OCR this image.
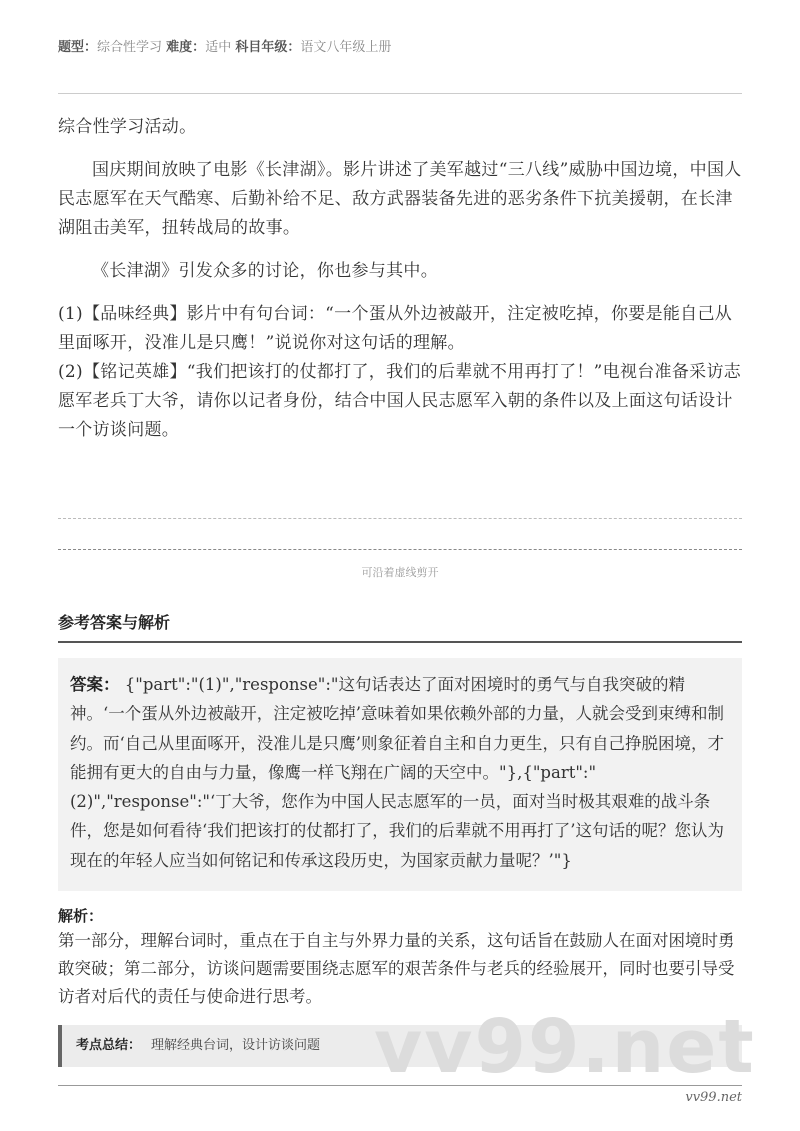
题型：综合性学习 难度：适中 科目年级：语文八年级上册

综合性学习活动。

国庆期间放映了电影《长津湖》。影片讲述了美军越过“三八线”威胁中国边境，中国人民志愿军在天气酷寒、后勤补给不足、敌方武器装备先进的恶劣条件下抗美援朝，在长津湖阻击美军，扭转战局的故事。

《长津湖》引发众多的讨论，你也参与其中。

(1)【品味经典】影片中有句台词：“一个蛋从外边被敲开，注定被吃掉，你要是能自己从里面啄开，没准儿是只鹰！”说说你对这句话的理解。

(2)【铭记英雄】“我们把该打的仗都打了，我们的后辈就不用再打了！”电视台准备采访志愿军老兵丁大爷，请你以记者身份，结合中国人民志愿军入朝的条件以及上面这句话设计一个访谈问题。

可沿着虚线剪开
参考答案与解析
答案： {"part":"(1)","response":"这句话表达了面对困境时的勇气与自我突破的精神。‘一个蛋从外边被敲开，注定被吃掉’意味着如果依赖外部的力量，人就会受到束缚和制约。而‘自己从里面啄开，没准儿是只鹰’则象征着自主和自力更生，只有自己挣脱困境，才能拥有更大的自由与力量，像鹰一样飞翔在广阔的天空中。"},{"part":"(2)","response":"‘丁大爷，您作为中国人民志愿军的一员，面对当时极其艰难的战斗条件，您是如何看待‘我们把该打的仗都打了，我们的后辈就不用再打了’这句话的呢？您认为现在的年轻人应当如何铭记和传承这段历史，为国家贡献力量呢？’"}
解析：
第一部分，理解台词时，重点在于自主与外界力量的关系，这句话旨在鼓励人在面对困境时勇敢突破；第二部分，访谈问题需要围绕志愿军的艰苦条件与老兵的经验展开，同时也要引导受访者对后代的责任与使命进行思考。
考点总结： 理解经典台词，设计访谈问题 vv99.net
vv99.net
